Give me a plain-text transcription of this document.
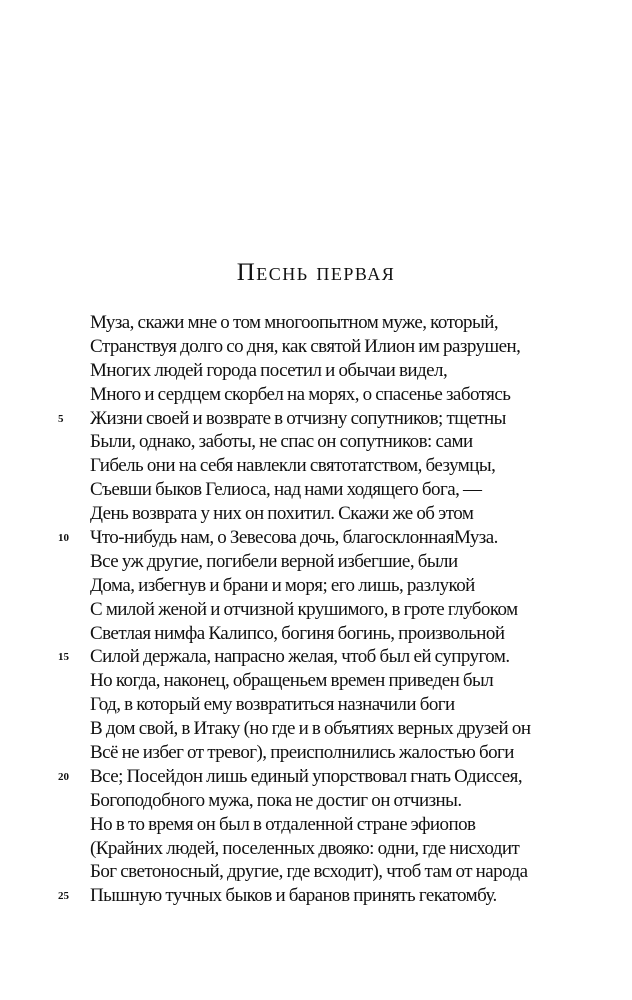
Песнь первая
Муза, скажи мне о том многоопытном муже, который,
Странствуя долго со дня, как святой Илион им разрушен,
Многих людей города посетил и обычаи видел,
Много и сердцем скорбел на морях, о спасенье заботясь
5 Жизни своей и возврате в отчизну сопутников; тщетны
Были, однако, заботы, не спас он сопутников: сами
Гибель они на себя навлекли святотатством, безумцы,
Съевши быков Гелиоса, над нами ходящего бога, —
День возврата у них он похитил. Скажи же об этом
10 Что-нибудь нам, о Зевесова дочь, благосклоннаяМуза.
Все уж другие, погибели верной избегшие, были
Дома, избегнув и брани и моря; его лишь, разлукой
С милой женой и отчизной крушимого, в гроте глубоком
Светлая нимфа Калипсо, богиня богинь, произвольной
15 Силой держала, напрасно желая, чтоб был ей супругом.
Но когда, наконец, обращеньем времен приведен был
Год, в который ему возвратиться назначили боги
В дом свой, в Итаку (но где и в объятиях верных друзей он
Всё не избег от тревог), преисполнились жалостью боги
20 Все; Посейдон лишь единый упорствовал гнать Одиссея,
Богоподобного мужа, пока не достиг он отчизны.
Но в то время он был в отдаленной стране эфиопов
(Крайних людей, поселенных двояко: одни, где нисходит
Бог светоносный, другие, где всходит), чтоб там от народа
25 Пышную тучных быков и баранов принять гекатомбу.
